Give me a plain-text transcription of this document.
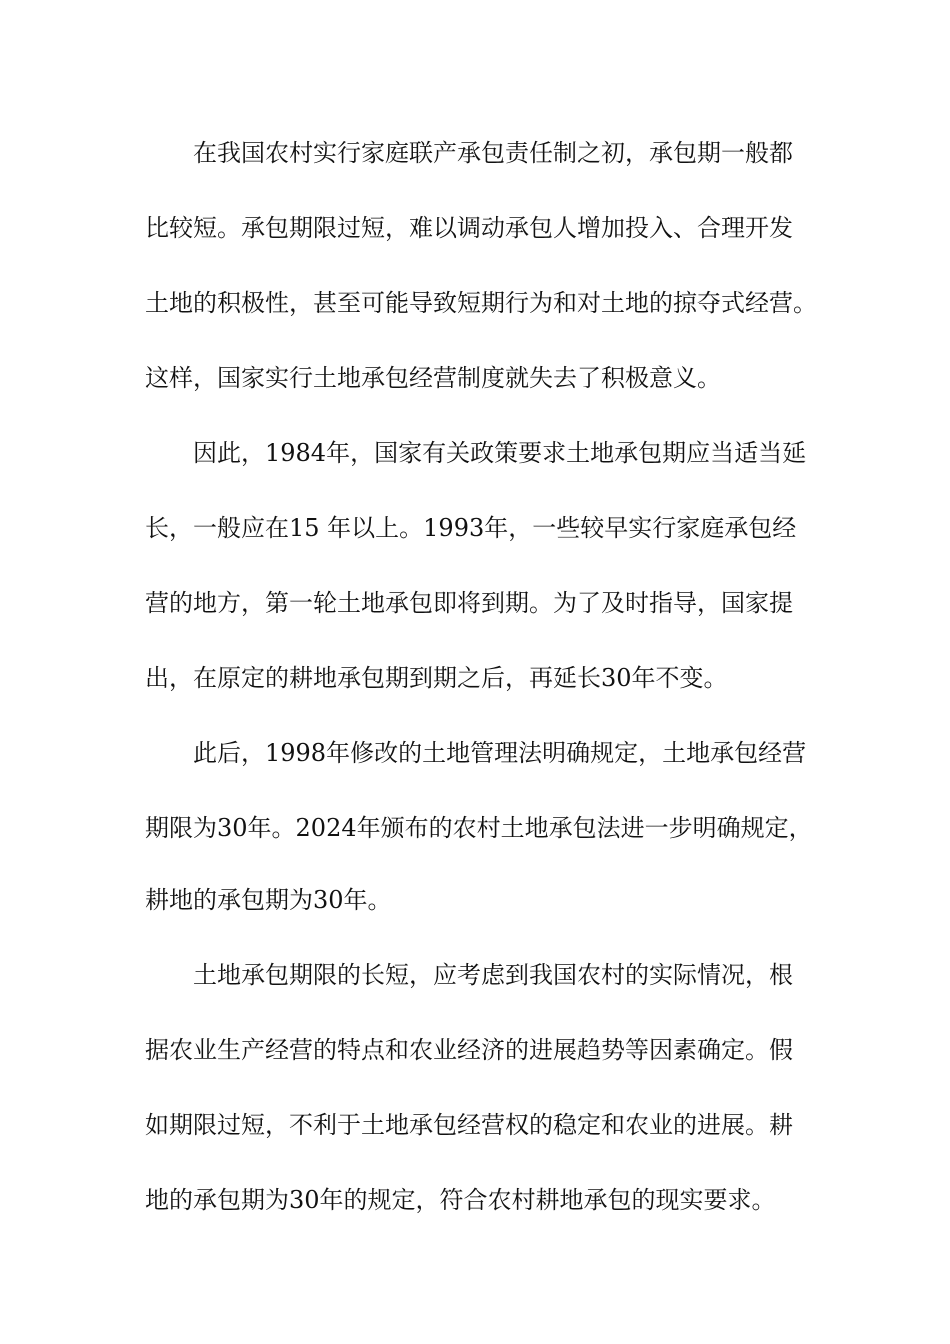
在我国农村实行家庭联产承包责任制之初，承包期一般都
比较短。承包期限过短，难以调动承包人增加投入、合理开发
土地的积极性，甚至可能导致短期行为和对土地的掠夺式经营。
这样，国家实行土地承包经营制度就失去了积极意义。
因此，1984年，国家有关政策要求土地承包期应当适当延
长，一般应在15 年以上。1993年，一些较早实行家庭承包经
营的地方，第一轮土地承包即将到期。为了及时指导，国家提
出，在原定的耕地承包期到期之后，再延长30年不变。
此后，1998年修改的土地管理法明确规定，土地承包经营
期限为30年。2024年颁布的农村土地承包法进一步明确规定，
耕地的承包期为30年。
土地承包期限的长短，应考虑到我国农村的实际情况，根
据农业生产经营的特点和农业经济的进展趋势等因素确定。假
如期限过短，不利于土地承包经营权的稳定和农业的进展。耕
地的承包期为30年的规定，符合农村耕地承包的现实要求。
